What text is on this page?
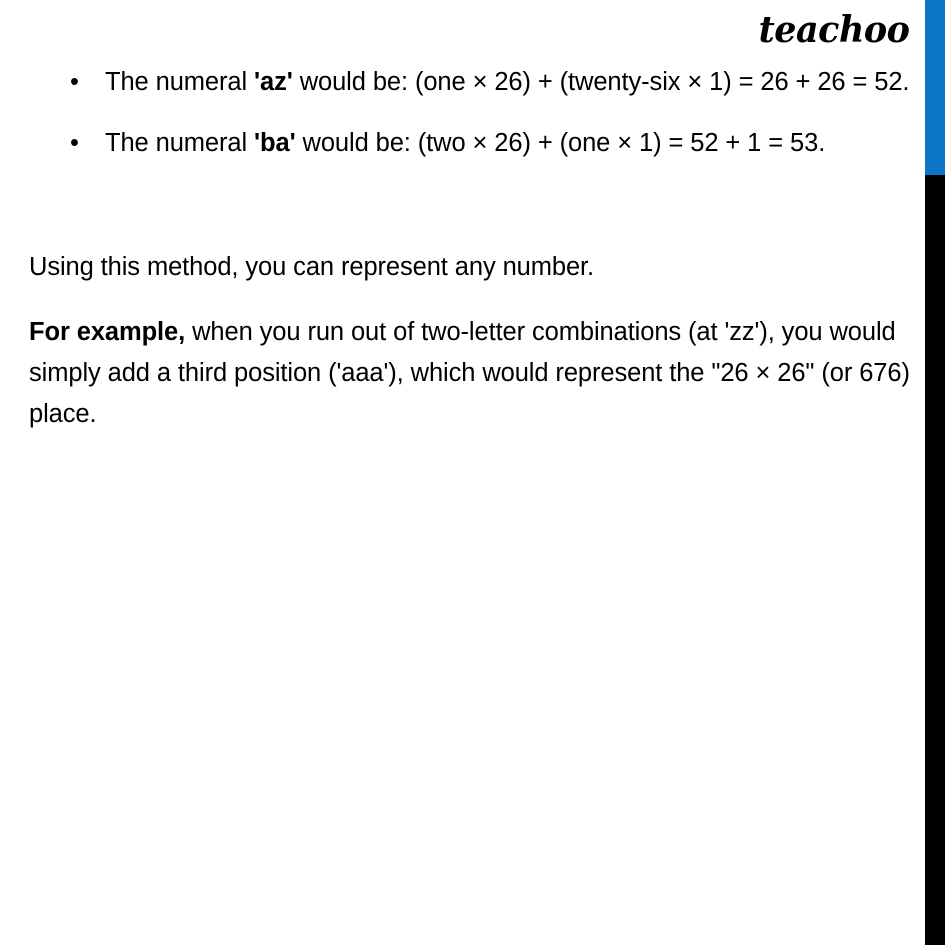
teachoo
• The numeral 'az' would be: (one × 26) + (twenty-six × 1) = 26 + 26 = 52.
• The numeral 'ba' would be: (two × 26) + (one × 1) = 52 + 1 = 53.

Using this method, you can represent any number.

For example, when you run out of two-letter combinations (at 'zz'), you would simply add a third position ('aaa'), which would represent the "26 × 26" (or 676) place.
